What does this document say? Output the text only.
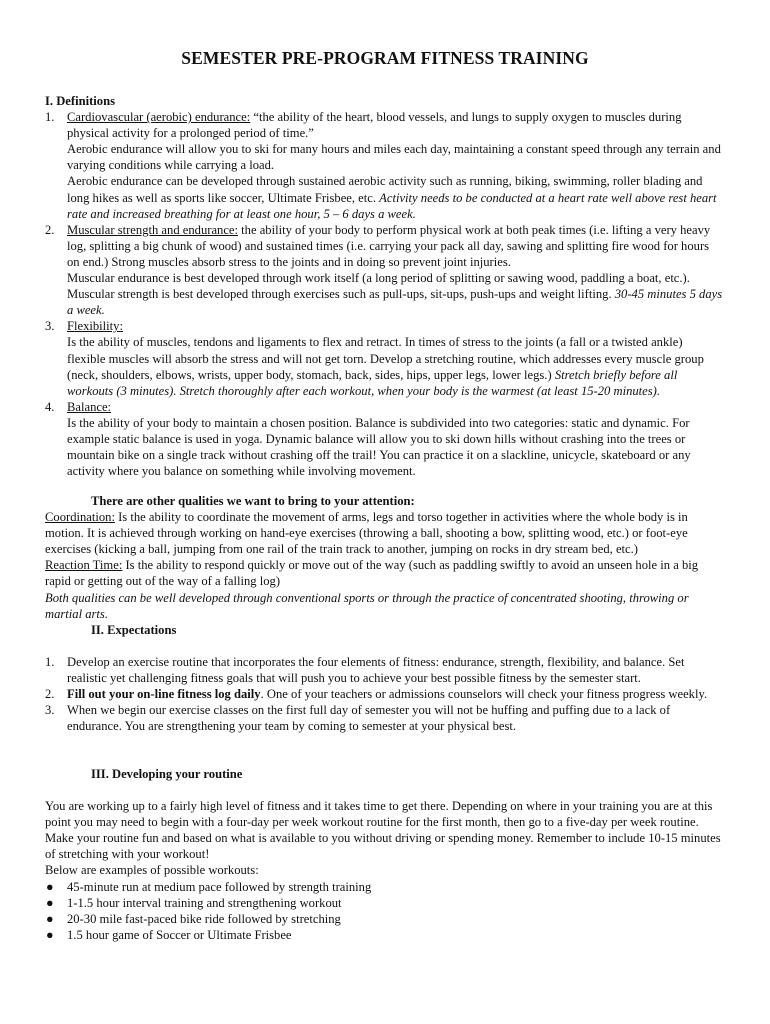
SEMESTER PRE-PROGRAM FITNESS TRAINING

I. Definitions

1. Cardiovascular (aerobic) endurance: “the ability of the heart, blood vessels, and lungs to supply oxygen to muscles during physical activity for a prolonged period of time.”

Aerobic endurance will allow you to ski for many hours and miles each day, maintaining a constant speed through any terrain and varying conditions while carrying a load.

Aerobic endurance can be developed through sustained aerobic activity such as running, biking, swimming, roller blading and long hikes as well as sports like soccer, Ultimate Frisbee, etc. Activity needs to be conducted at a heart rate well above rest heart rate and increased breathing for at least one hour, 5 – 6 days a week.

2. Muscular strength and endurance: the ability of your body to perform physical work at both peak times (i.e. lifting a very heavy log, splitting a big chunk of wood) and sustained times (i.e. carrying your pack all day, sawing and splitting fire wood for hours on end.) Strong muscles absorb stress to the joints and in doing so prevent joint injuries.

Muscular endurance is best developed through work itself (a long period of splitting or sawing wood, paddling a boat, etc.). Muscular strength is best developed through exercises such as pull-ups, sit-ups, push-ups and weight lifting. 30-45 minutes 5 days a week.

3. Flexibility:

Is the ability of muscles, tendons and ligaments to flex and retract. In times of stress to the joints (a fall or a twisted ankle) flexible muscles will absorb the stress and will not get torn. Develop a stretching routine, which addresses every muscle group (neck, shoulders, elbows, wrists, upper body, stomach, back, sides, hips, upper legs, lower legs.) Stretch briefly before all workouts (3 minutes). Stretch thoroughly after each workout, when your body is the warmest (at least 15-20 minutes).

4. Balance:

Is the ability of your body to maintain a chosen position. Balance is subdivided into two categories: static and dynamic. For example static balance is used in yoga. Dynamic balance will allow you to ski down hills without crashing into the trees or mountain bike on a single track without crashing off the trail! You can practice it on a slackline, unicycle, skateboard or any activity where you balance on something while involving movement.

There are other qualities we want to bring to your attention:

Coordination: Is the ability to coordinate the movement of arms, legs and torso together in activities where the whole body is in motion. It is achieved through working on hand-eye exercises (throwing a ball, shooting a bow, splitting wood, etc.) or foot-eye exercises (kicking a ball, jumping from one rail of the train track to another, jumping on rocks in dry stream bed, etc.)

Reaction Time: Is the ability to respond quickly or move out of the way (such as paddling swiftly to avoid an unseen hole in a big rapid or getting out of the way of a falling log)

Both qualities can be well developed through conventional sports or through the practice of concentrated shooting, throwing or martial arts.

II. Expectations

1. Develop an exercise routine that incorporates the four elements of fitness: endurance, strength, flexibility, and balance. Set realistic yet challenging fitness goals that will push you to achieve your best possible fitness by the semester start.

2. Fill out your on-line fitness log daily. One of your teachers or admissions counselors will check your fitness progress weekly.

3. When we begin our exercise classes on the first full day of semester you will not be huffing and puffing due to a lack of endurance. You are strengthening your team by coming to semester at your physical best.

III. Developing your routine

You are working up to a fairly high level of fitness and it takes time to get there. Depending on where in your training you are at this point you may need to begin with a four-day per week workout routine for the first month, then go to a five-day per week routine. Make your routine fun and based on what is available to you without driving or spending money. Remember to include 10-15 minutes of stretching with your workout!

Below are examples of possible workouts:

● 45-minute run at medium pace followed by strength training
● 1-1.5 hour interval training and strengthening workout
● 20-30 mile fast-paced bike ride followed by stretching
● 1.5 hour game of Soccer or Ultimate Frisbee
